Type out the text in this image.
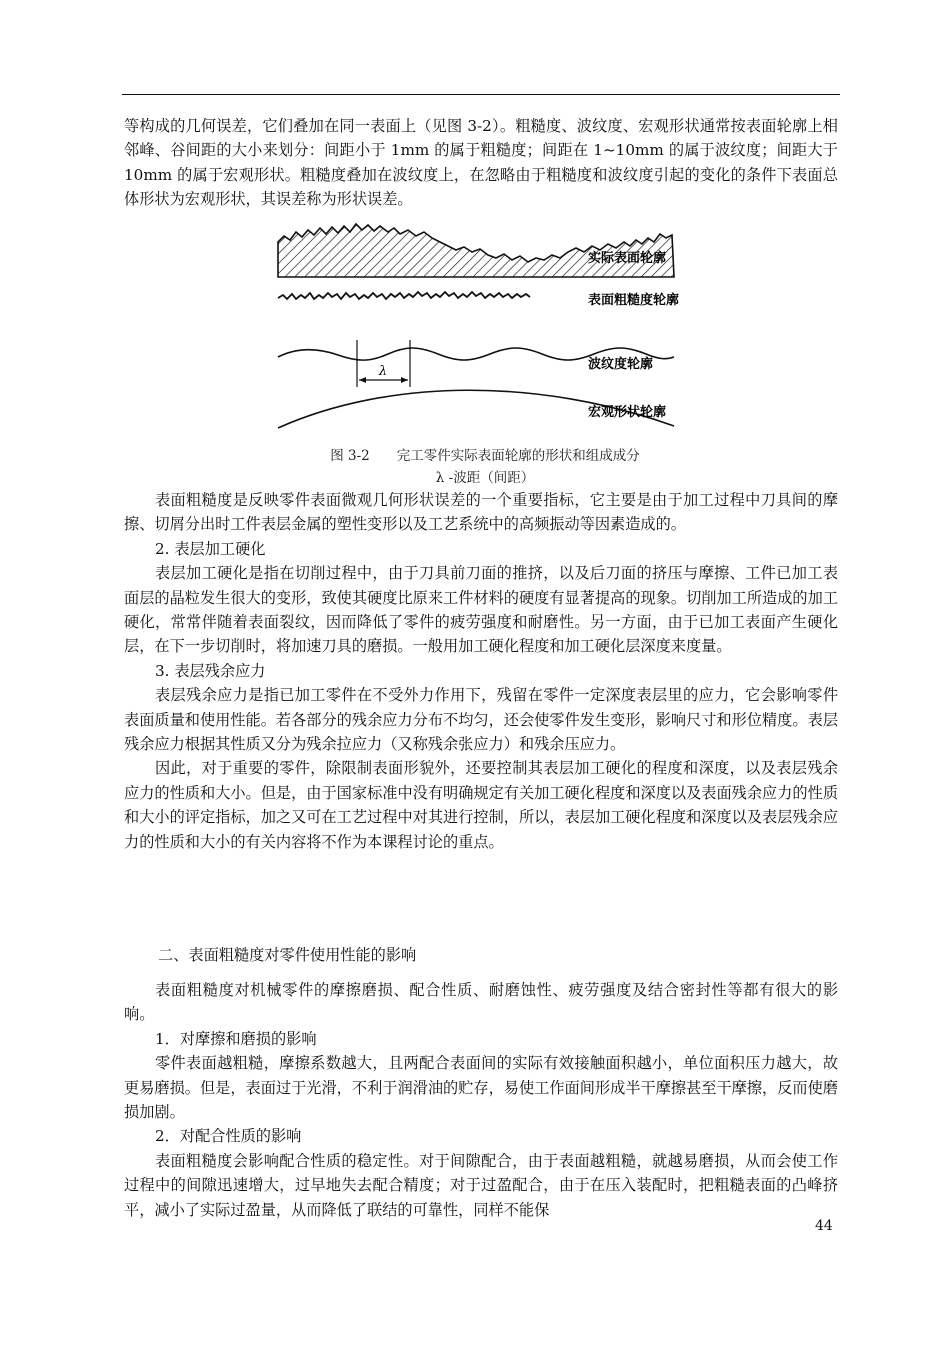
等构成的几何误差，它们叠加在同一表面上（见图 3-2）。粗糙度、波纹度、宏观形状通常按表面轮廓上相邻峰、谷间距的大小来划分：间距小于 1mm 的属于粗糙度；间距在 1~10mm 的属于波纹度；间距大于 10mm 的属于宏观形状。粗糙度叠加在波纹度上，在忽略由于粗糙度和波纹度引起的变化的条件下表面总体形状为宏观形状，其误差称为形状误差。

λ
实际表面轮廓
表面粗糙度轮廓
波纹度轮廓
宏观形状轮廓
图 3-2　　完工零件实际表面轮廓的形状和组成成分
λ -波距（间距）

表面粗糙度是反映零件表面微观几何形状误差的一个重要指标，它主要是由于加工过程中刀具间的摩擦、切屑分出时工件表层金属的塑性变形以及工艺系统中的高频振动等因素造成的。

2. 表层加工硬化

表层加工硬化是指在切削过程中，由于刀具前刀面的推挤，以及后刀面的挤压与摩擦、工件已加工表面层的晶粒发生很大的变形，致使其硬度比原来工件材料的硬度有显著提高的现象。切削加工所造成的加工硬化，常常伴随着表面裂纹，因而降低了零件的疲劳强度和耐磨性。另一方面，由于已加工表面产生硬化层，在下一步切削时，将加速刀具的磨损。一般用加工硬化程度和加工硬化层深度来度量。

3. 表层残余应力

表层残余应力是指已加工零件在不受外力作用下，残留在零件一定深度表层里的应力，它会影响零件表面质量和使用性能。若各部分的残余应力分布不均匀，还会使零件发生变形，影响尺寸和形位精度。表层残余应力根据其性质又分为残余拉应力（又称残余张应力）和残余压应力。

因此，对于重要的零件，除限制表面形貌外，还要控制其表层加工硬化的程度和深度，以及表层残余应力的性质和大小。但是，由于国家标准中没有明确规定有关加工硬化程度和深度以及表面残余应力的性质和大小的评定指标，加之又可在工艺过程中对其进行控制，所以，表层加工硬化程度和深度以及表层残余应力的性质和大小的有关内容将不作为本课程讨论的重点。

二、表面粗糙度对零件使用性能的影响

表面粗糙度对机械零件的摩擦磨损、配合性质、耐磨蚀性、疲劳强度及结合密封性等都有很大的影响。

1．对摩擦和磨损的影响

零件表面越粗糙，摩擦系数越大，且两配合表面间的实际有效接触面积越小，单位面积压力越大，故更易磨损。但是，表面过于光滑，不利于润滑油的贮存，易使工作面间形成半干摩擦甚至干摩擦，反而使磨损加剧。

2．对配合性质的影响

表面粗糙度会影响配合性质的稳定性。对于间隙配合，由于表面越粗糙，就越易磨损，从而会使工作过程中的间隙迅速增大，过早地失去配合精度；对于过盈配合，由于在压入装配时，把粗糙表面的凸峰挤平，减小了实际过盈量，从而降低了联结的可靠性，同样不能保

44
